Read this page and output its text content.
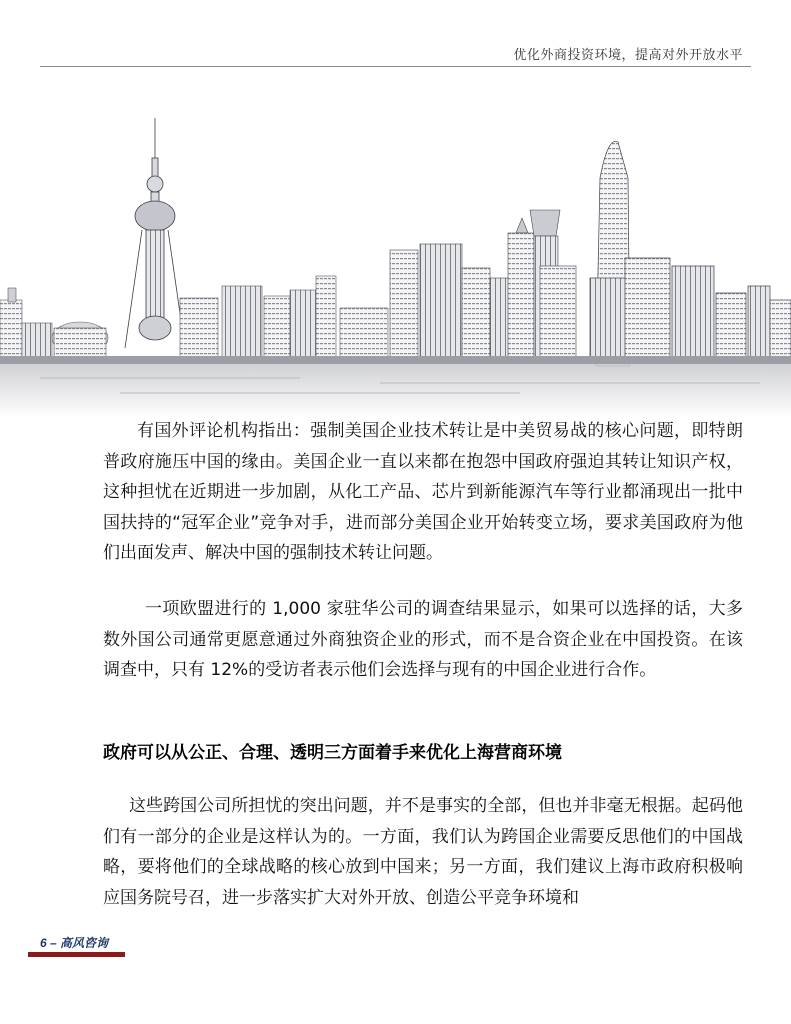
优化外商投资环境，提高对外开放水平

有国外评论机构指出：强制美国企业技术转让是中美贸易战的核心问题，即特朗普政府施压中国的缘由。美国企业一直以来都在抱怨中国政府强迫其转让知识产权，这种担忧在近期进一步加剧，从化工产品、芯片到新能源汽车等行业都涌现出一批中国扶持的“冠军企业”竞争对手，进而部分美国企业开始转变立场，要求美国政府为他们出面发声、解决中国的强制技术转让问题。

一项欧盟进行的 1,000 家驻华公司的调查结果显示，如果可以选择的话，大多数外国公司通常更愿意通过外商独资企业的形式，而不是合资企业在中国投资。在该调查中，只有 12%的受访者表示他们会选择与现有的中国企业进行合作。

政府可以从公正、合理、透明三方面着手来优化上海营商环境

这些跨国公司所担忧的突出问题，并不是事实的全部，但也并非毫无根据。起码他们有一部分的企业是这样认为的。一方面，我们认为跨国企业需要反思他们的中国战略，要将他们的全球战略的核心放到中国来；另一方面，我们建议上海市政府积极响应国务院号召，进一步落实扩大对外开放、创造公平竞争环境和

6 – 高风咨询
